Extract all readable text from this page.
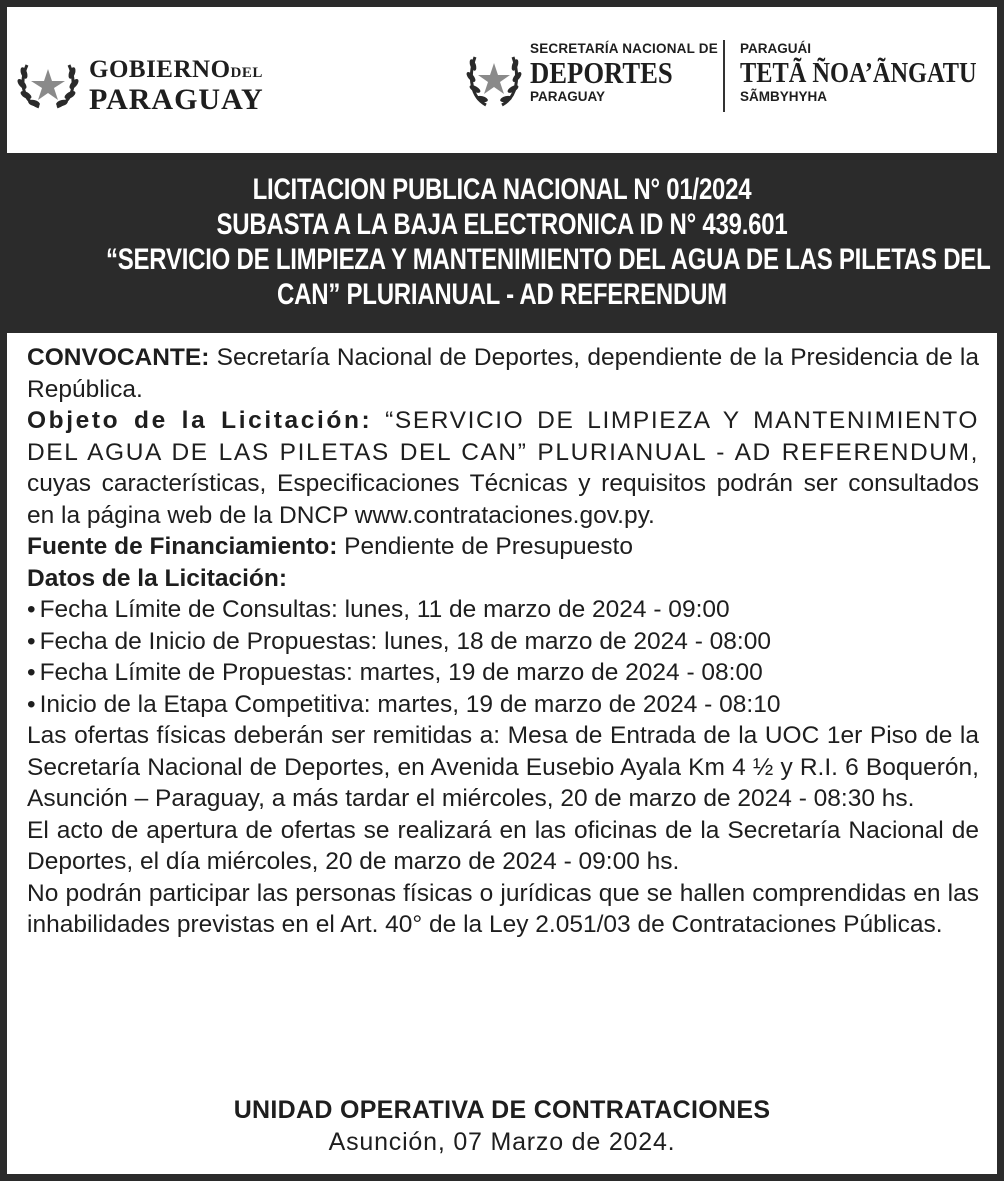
GOBIERNODEL
PARAGUAY
SECRETARÍA NACIONAL DE
DEPORTES
PARAGUAY
PARAGUÁI
TETÃ ÑOA’ÃNGATU
SÃMBYHYHA
LICITACION PUBLICA NACIONAL N° 01/2024
SUBASTA A LA BAJA ELECTRONICA ID N° 439.601
“SERVICIO DE LIMPIEZA Y MANTENIMIENTO DEL AGUA DE LAS PILETAS DEL
CAN” PLURIANUAL - AD REFERENDUM

CONVOCANTE: Secretaría Nacional de Deportes, dependiente de la Presidencia de la República.

Objeto de la Licitación: “SERVICIO DE LIMPIEZA Y MANTENIMIENTO DEL AGUA DE LAS PILETAS DEL CAN” PLURIANUAL - AD REFERENDUM, cuyas características, Especificaciones Técnicas y requisitos podrán ser consultados en la página web de la DNCP www.contrataciones.gov.py.

Fuente de Financiamiento: Pendiente de Presupuesto

Datos de la Licitación:

• Fecha Límite de Consultas: lunes, 11 de marzo de 2024 - 09:00

• Fecha de Inicio de Propuestas: lunes, 18 de marzo de 2024 - 08:00

• Fecha Límite de Propuestas: martes, 19 de marzo de 2024 - 08:00

• Inicio de la Etapa Competitiva: martes, 19 de marzo de 2024 - 08:10

Las ofertas físicas deberán ser remitidas a: Mesa de Entrada de la UOC 1er Piso de la Secretaría Nacional de Deportes, en Avenida Eusebio Ayala Km 4 ½ y R.I. 6 Boquerón, Asunción – Paraguay, a más tardar el miércoles, 20 de marzo de 2024 - 08:30 hs.

El acto de apertura de ofertas se realizará en las oficinas de la Secretaría Nacional de Deportes, el día miércoles, 20 de marzo de 2024 - 09:00 hs.

No podrán participar las personas físicas o jurídicas que se hallen comprendidas en las inhabilidades previstas en el Art. 40° de la Ley 2.051/03 de Contrataciones Públicas.

UNIDAD OPERATIVA DE CONTRATACIONES
Asunción, 07 Marzo de 2024.
